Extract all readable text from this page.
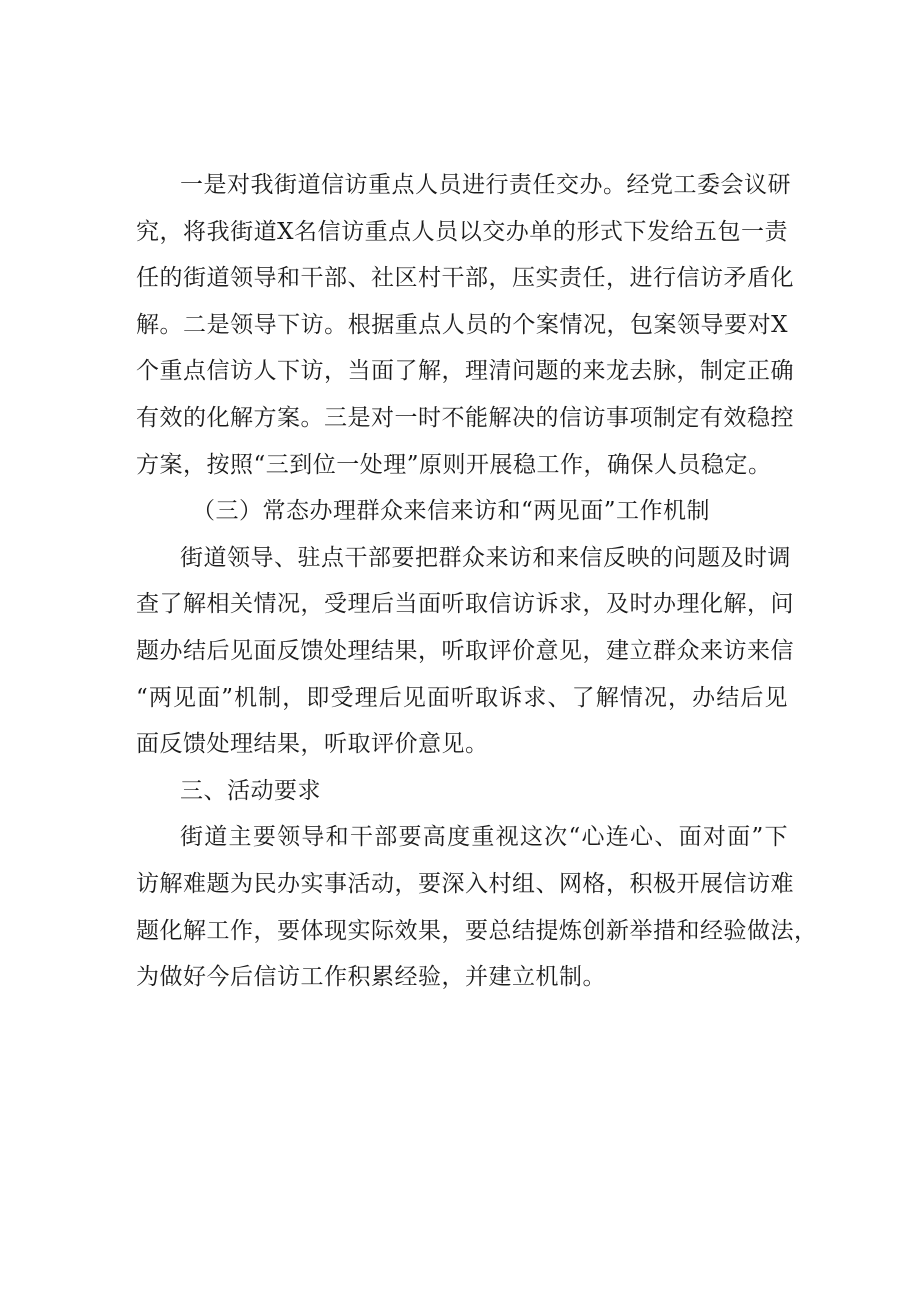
一是对我街道信访重点人员进行责任交办。经党工委会议研
究，将我街道X名信访重点人员以交办单的形式下发给五包一责
任的街道领导和干部、社区村干部，压实责任，进行信访矛盾化
解。二是领导下访。根据重点人员的个案情况，包案领导要对X
个重点信访人下访，当面了解，理清问题的来龙去脉，制定正确
有效的化解方案。三是对一时不能解决的信访事项制定有效稳控
方案，按照“三到位一处理”原则开展稳工作，确保人员稳定。
（三）常态办理群众来信来访和“两见面”工作机制
街道领导、驻点干部要把群众来访和来信反映的问题及时调
查了解相关情况，受理后当面听取信访诉求，及时办理化解，问
题办结后见面反馈处理结果，听取评价意见，建立群众来访来信
“两见面”机制，即受理后见面听取诉求、了解情况，办结后见
面反馈处理结果，听取评价意见。
三、活动要求
街道主要领导和干部要高度重视这次“心连心、面对面”下
访解难题为民办实事活动，要深入村组、网格，积极开展信访难
题化解工作，要体现实际效果，要总结提炼创新举措和经验做法，
为做好今后信访工作积累经验，并建立机制。
